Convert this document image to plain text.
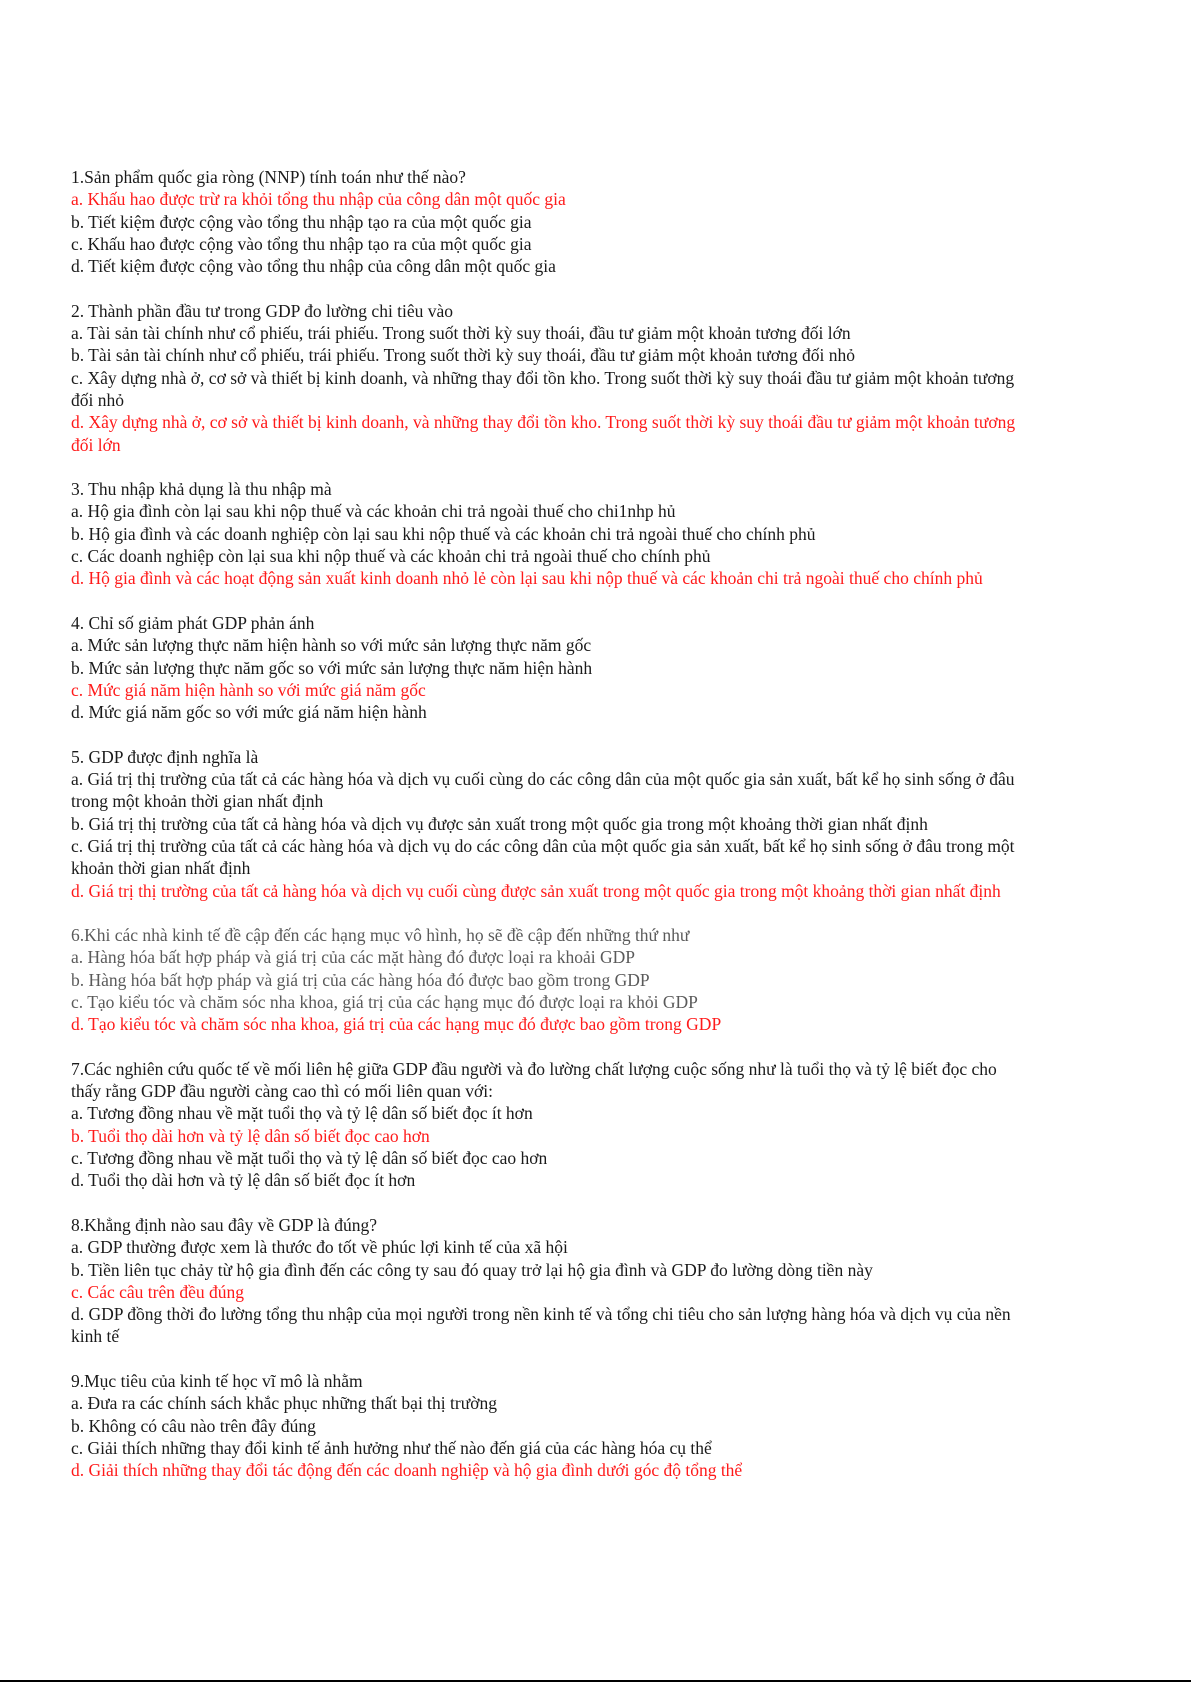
1.Sản phẩm quốc gia ròng (NNP) tính toán như thế nào?
a. Khấu hao được trừ ra khỏi tổng thu nhập của công dân một quốc gia
b. Tiết kiệm được cộng vào tổng thu nhập tạo ra của một quốc gia
c. Khấu hao được cộng vào tổng thu nhập tạo ra của một quốc gia
d. Tiết kiệm được cộng vào tổng thu nhập của công dân một quốc gia
2. Thành phần đầu tư trong GDP đo lường chi tiêu vào
a. Tài sản tài chính như cổ phiếu, trái phiếu. Trong suốt thời kỳ suy thoái, đầu tư giảm một khoản tương đối lớn
b. Tài sản tài chính như cổ phiếu, trái phiếu. Trong suốt thời kỳ suy thoái, đầu tư giảm một khoản tương đối nhỏ
c. Xây dựng nhà ở, cơ sở và thiết bị kinh doanh, và những thay đổi tồn kho. Trong suốt thời kỳ suy thoái đầu tư giảm một khoản tương đối nhỏ
d. Xây dựng nhà ở, cơ sở và thiết bị kinh doanh, và những thay đổi tồn kho. Trong suốt thời kỳ suy thoái đầu tư giảm một khoản tương đối lớn
3. Thu nhập khả dụng là thu nhập mà
a. Hộ gia đình còn lại sau khi nộp thuế và các khoản chi trả ngoài thuế cho chi1nhp hủ
b. Hộ gia đình và các doanh nghiệp còn lại sau khi nộp thuế và các khoản chi trả ngoài thuế cho chính phủ
c. Các doanh nghiệp còn lại sua khi nộp thuế và các khoản chi trả ngoài thuế cho chính phủ
d. Hộ gia đình và các hoạt động sản xuất kinh doanh nhỏ lẻ còn lại sau khi nộp thuế và các khoản chi trả ngoài thuế cho chính phủ
4. Chỉ số giảm phát GDP phản ánh
a. Mức sản lượng thực năm hiện hành so với mức sản lượng thực năm gốc
b. Mức sản lượng thực năm gốc so với mức sản lượng thực năm hiện hành
c. Mức giá năm hiện hành so với mức giá năm gốc
d. Mức giá năm gốc so với mức giá năm hiện hành
5. GDP được định nghĩa là
a. Giá trị thị trường của tất cả các hàng hóa và dịch vụ cuối cùng do các công dân của một quốc gia sản xuất, bất kể họ sinh sống ở đâu trong một khoản thời gian nhất định
b. Giá trị thị trường của tất cả hàng hóa và dịch vụ được sản xuất trong một quốc gia trong một khoảng thời gian nhất định
c. Giá trị thị trường của tất cả các hàng hóa và dịch vụ do các công dân của một quốc gia sản xuất, bất kể họ sinh sống ở đâu trong một khoản thời gian nhất định
d. Giá trị thị trường của tất cả hàng hóa và dịch vụ cuối cùng được sản xuất trong một quốc gia trong một khoảng thời gian nhất định
6.Khi các nhà kinh tế đề cập đến các hạng mục vô hình, họ sẽ đề cập đến những thứ như
a. Hàng hóa bất hợp pháp và giá trị của các mặt hàng đó được loại ra khoải GDP
b. Hàng hóa bất hợp pháp và giá trị của các hàng hóa đó được bao gồm trong GDP
c. Tạo kiểu tóc và chăm sóc nha khoa, giá trị của các hạng mục đó được loại ra khỏi GDP
d. Tạo kiểu tóc và chăm sóc nha khoa, giá trị của các hạng mục đó được bao gồm trong GDP
7.Các nghiên cứu quốc tế về mối liên hệ giữa GDP đầu người và đo lường chất lượng cuộc sống như là tuổi thọ và tỷ lệ biết đọc cho thấy rằng GDP đầu người càng cao thì có mối liên quan với:
a. Tương đồng nhau về mặt tuổi thọ và tỷ lệ dân số biết đọc ít hơn
b. Tuổi thọ dài hơn và tỷ lệ dân số biết đọc cao hơn
c. Tương đồng nhau về mặt tuổi thọ và tỷ lệ dân số biết đọc cao hơn
d. Tuổi thọ dài hơn và tỷ lệ dân số biết đọc ít hơn
8.Khẳng định nào sau đây về GDP là đúng?
a. GDP thường được xem là thước đo tốt về phúc lợi kinh tế của xã hội
b. Tiền liên tục chảy từ hộ gia đình đến các công ty sau đó quay trở lại hộ gia đình và GDP đo lường dòng tiền này
c. Các câu trên đều đúng
d. GDP đồng thời đo lường tổng thu nhập của mọi người trong nền kinh tế và tổng chi tiêu cho sản lượng hàng hóa và dịch vụ của nền kinh tế
9.Mục tiêu của kinh tế học vĩ mô là nhằm
a. Đưa ra các chính sách khắc phục những thất bại thị trường
b. Không có câu nào trên đây đúng
c. Giải thích những thay đổi kinh tế ảnh hưởng như thế nào đến giá của các hàng hóa cụ thể
d. Giải thích những thay đổi tác động đến các doanh nghiệp và hộ gia đình dưới góc độ tổng thể
